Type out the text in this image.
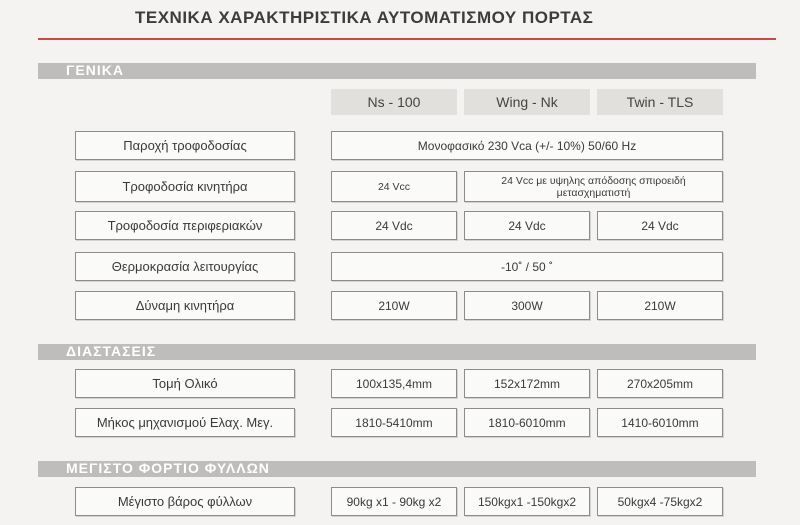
ΤΕΧΝΙΚΑ ΧΑΡΑΚΤΗΡΙΣΤΙΚΑ ΑΥΤΟΜΑΤΙΣΜΟΥ ΠΟΡΤΑΣ
ΓΕΝΙΚΑ
Ns - 100	Wing - Nk	Twin - TLS
Παροχή τροφοδοσίας	Μονοφασικό 230 Vca (+/- 10%) 50/60 Hz
Τροφοδοσία κινητήρα	24 Vcc	24 Vcc με υψηλης απόδοσης σπιροειδή μετασχηματιστή
Τροφοδοσία περιφεριακών	24 Vdc	24 Vdc	24 Vdc
Θερμοκρασία λειτουργίας	-10˚ / 50 ˚
Δύναμη κινητήρα	210W	300W	210W
ΔΙΑΣΤΑΣΕΙΣ
Τομή Ολικό	100x135,4mm	152x172mm	270x205mm
Μήκος μηχανισμού Ελαχ. Μεγ.	1810-5410mm	1810-6010mm	1410-6010mm
ΜΕΓΙΣΤΟ ΦΟΡΤΙΟ ΦΥΛΛΩΝ
Μέγιστο βάρος φύλλων	90kg x1 - 90kg x2	150kgx1 -150kgx2	50kgx4 -75kgx2
